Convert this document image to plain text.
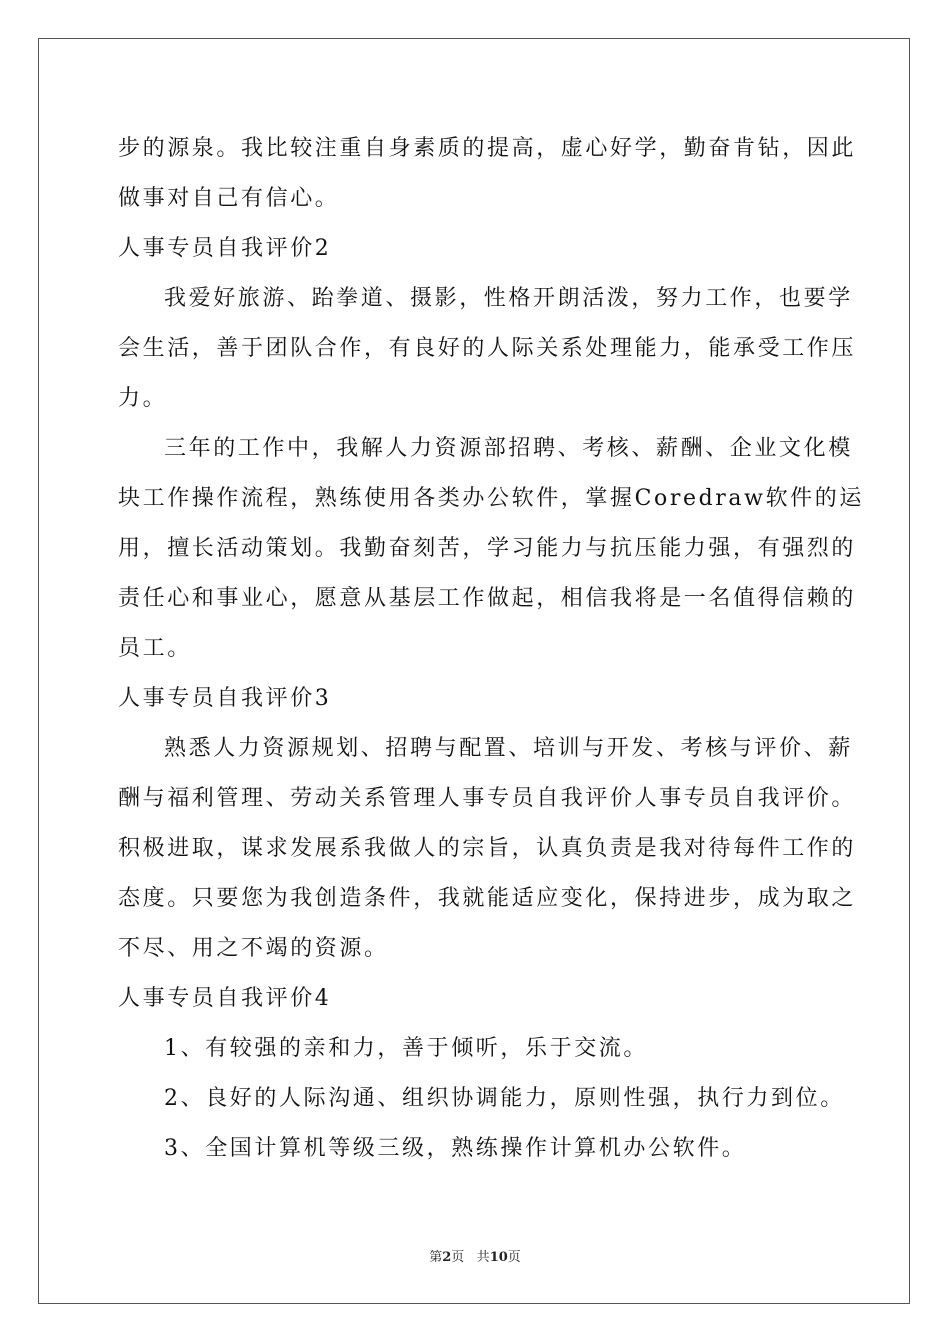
步的源泉。我比较注重自身素质的提高，虚心好学，勤奋肯钻，因此
做事对自己有信心。
人事专员自我评价2
我爱好旅游、跆拳道、摄影，性格开朗活泼，努力工作，也要学
会生活，善于团队合作，有良好的人际关系处理能力，能承受工作压
力。
三年的工作中，我解人力资源部招聘、考核、薪酬、企业文化模
块工作操作流程，熟练使用各类办公软件，掌握Coredraw软件的运
用，擅长活动策划。我勤奋刻苦，学习能力与抗压能力强，有强烈的
责任心和事业心，愿意从基层工作做起，相信我将是一名值得信赖的
员工。
人事专员自我评价3
熟悉人力资源规划、招聘与配置、培训与开发、考核与评价、薪
酬与福利管理、劳动关系管理人事专员自我评价人事专员自我评价。
积极进取，谋求发展系我做人的宗旨，认真负责是我对待每件工作的
态度。只要您为我创造条件，我就能适应变化，保持进步，成为取之
不尽、用之不竭的资源。
人事专员自我评价4
1、有较强的亲和力，善于倾听，乐于交流。
2、良好的人际沟通、组织协调能力，原则性强，执行力到位。
3、全国计算机等级三级，熟练操作计算机办公软件。
第2页 共10页
